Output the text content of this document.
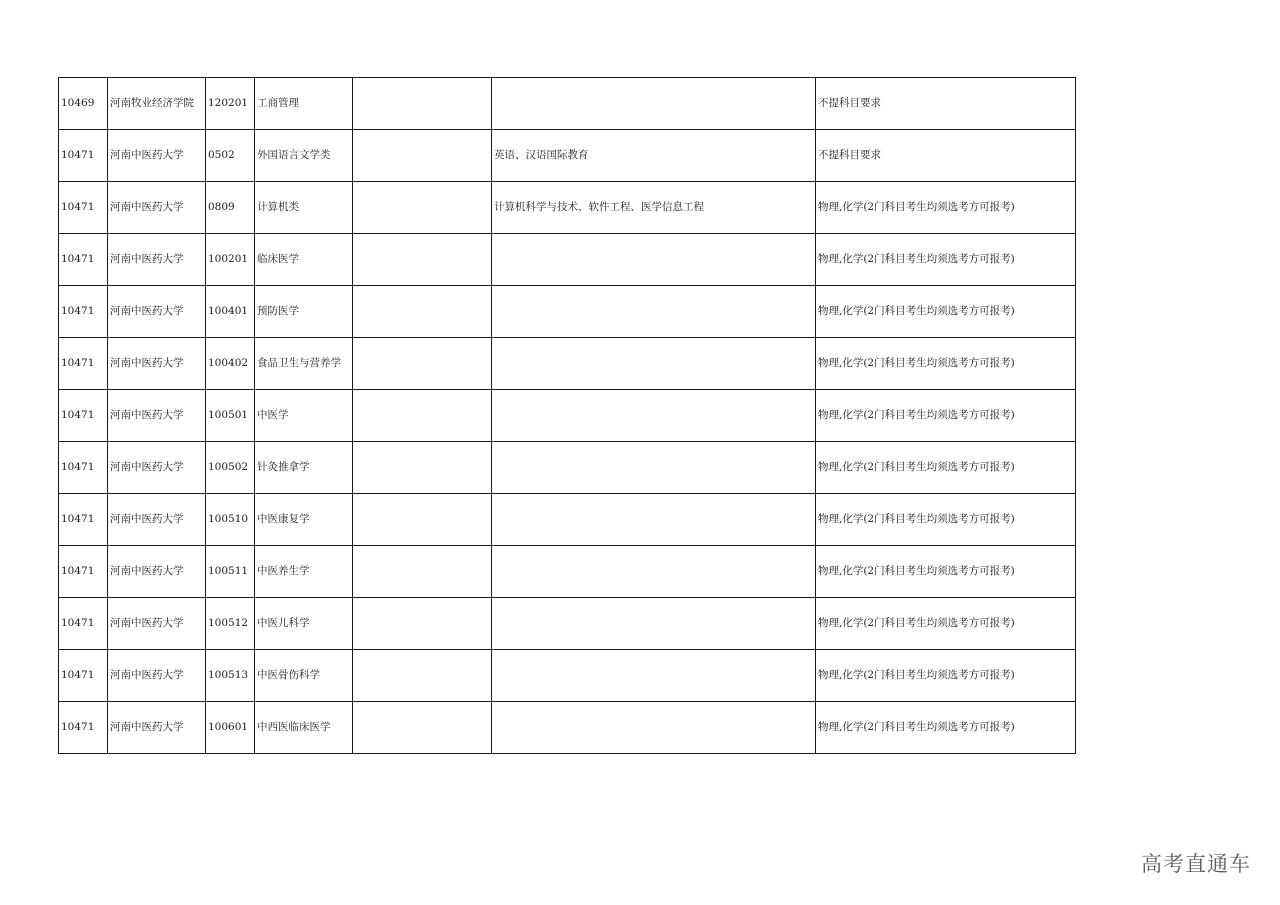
10469	河南牧业经济学院	120201	工商管理			不提科目要求
10471	河南中医药大学	0502	外国语言文学类		英语、汉语国际教育	不提科目要求
10471	河南中医药大学	0809	计算机类		计算机科学与技术、软件工程、医学信息工程	物理,化学(2门科目考生均须选考方可报考)
10471	河南中医药大学	100201	临床医学			物理,化学(2门科目考生均须选考方可报考)
10471	河南中医药大学	100401	预防医学			物理,化学(2门科目考生均须选考方可报考)
10471	河南中医药大学	100402	食品卫生与营养学			物理,化学(2门科目考生均须选考方可报考)
10471	河南中医药大学	100501	中医学			物理,化学(2门科目考生均须选考方可报考)
10471	河南中医药大学	100502	针灸推拿学			物理,化学(2门科目考生均须选考方可报考)
10471	河南中医药大学	100510	中医康复学			物理,化学(2门科目考生均须选考方可报考)
10471	河南中医药大学	100511	中医养生学			物理,化学(2门科目考生均须选考方可报考)
10471	河南中医药大学	100512	中医儿科学			物理,化学(2门科目考生均须选考方可报考)
10471	河南中医药大学	100513	中医骨伤科学			物理,化学(2门科目考生均须选考方可报考)
10471	河南中医药大学	100601	中西医临床医学			物理,化学(2门科目考生均须选考方可报考)
高考直通车
